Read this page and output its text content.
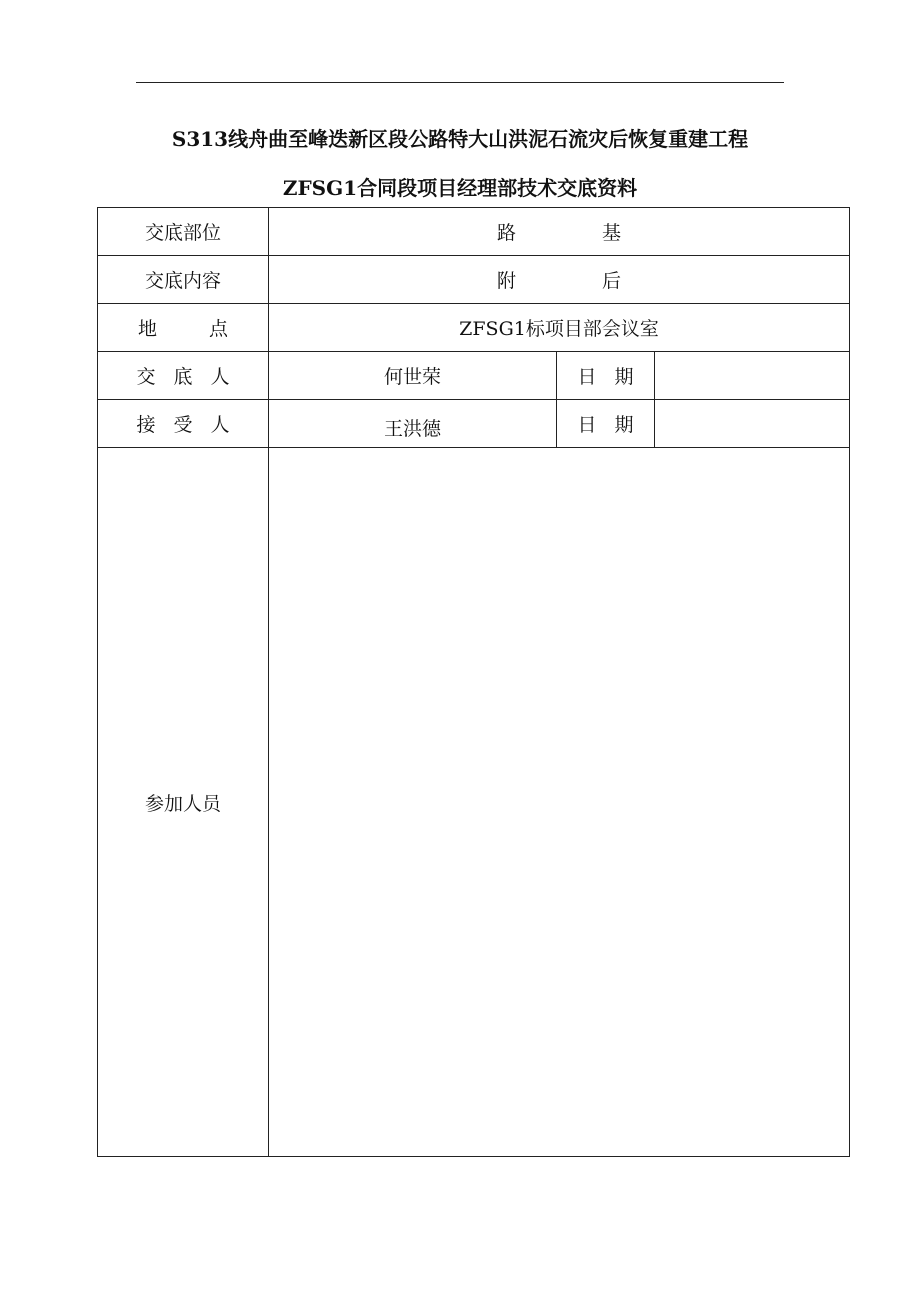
S313线舟曲至峰迭新区段公路特大山洪泥石流灾后恢复重建工程
ZFSG1合同段项目经理部技术交底资料
交底部位	路 基		
交底内容	附 后		
地 点	ZFSG1标项目部会议室		
交 底 人	何世荣	日 期	
接 受 人	王洪德	日 期	
参加人员			
